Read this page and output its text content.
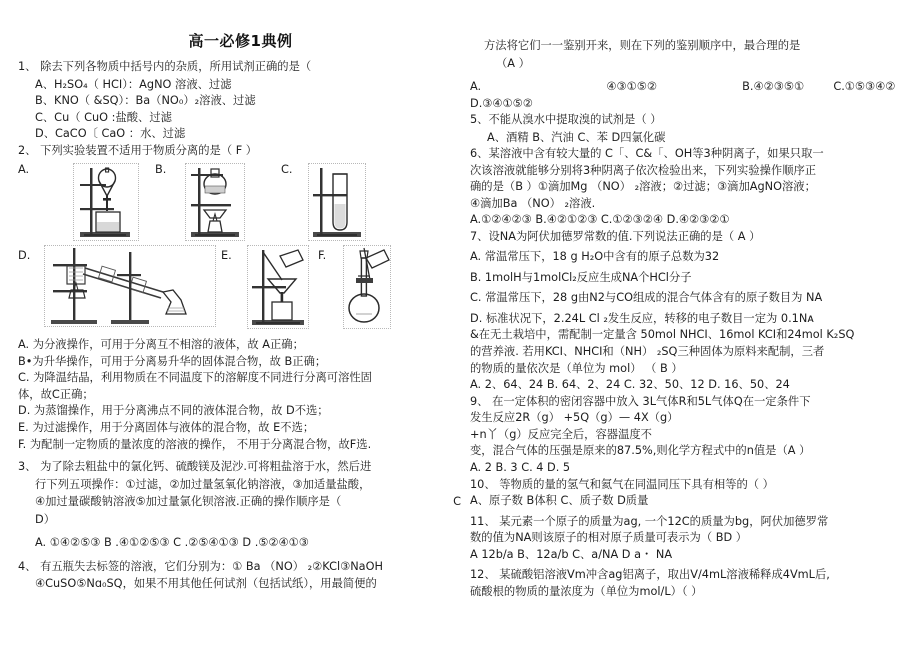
高一必修1典例
1、 除去下列各物质中括号内的杂质，所用试剂正确的是（
A、H₂SO₄（ HCI）：AgNO 溶液、过滤
B、KNO（ &SQ）：Ba（NO₀）₂溶液、过滤
C、Cu（ CuO :盐酸、过滤
D、CaCO〔 CaO ：水、过滤
2、 下列实验装置不适用于物质分离的是（ F ）
A.	B.	C.
D.	E.	F.
A. 为分液操作，可用于分离互不相溶的液体，故 A正确；
B•为升华操作，可用于分离易升华的固体混合物，故 B正确；
C. 为降温结晶，利用物质在不同温度下的溶解度不同进行分离可溶性固
体，故C正确；
D. 为蒸馏操作，用于分离沸点不同的液体混合物，故 D不选；
E. 为过滤操作，用于分离固体与液体的混合物，故 E不选；
F. 为配制一定物质的量浓度的溶液的操作， 不用于分离混合物，故F选.
3、 为了除去粗盐中的氯化钙、硫酸镁及泥沙.可将粗盐溶于水，然后进
行下列五项操作：①过滤，②加过量氢氧化钠溶液，③加适量盐酸，
④加过量碳酸钠溶液⑤加过量氯化钡溶液.正确的操作顺序是（	C
D）
A. ①④②⑤③ B .④①②⑤③ C .②⑤④①③ D .⑤②④①③
4、 有五瓶失去标签的溶液，它们分别为：① Ba （NO） ₂②KCl③NaOH
④CuSO⑤Nɑ₀SQ，如果不用其他任何试剂（包括试纸），用最简便的
方法将它们一一鉴别开来，则在下列的鉴别顺序中，最合理的是
（A ）
A.	④③①⑤②	B.④②③⑤①	C.①⑤③④②
D.③④①⑤②
5、不能从溴水中提取溴的试剂是（ ）
A、酒精 B、汽油 C、苯 D四氯化碳
6、某溶液中含有较大量的 C「、C&「、OH等3种阴离子，如果只取一
次该溶液就能够分别将3种阴离子依次检验出来，下列实验操作顺序正
确的是（B ）①滴加Mg （NO） ₂溶液；②过滤；③滴加AgNO溶液；
④滴加Ba （NO） ₂溶液.
A.①②④②③ B.④②①②③ C.①②③②④ D.④②③②①
7、设NA为阿伏加德罗常数的值.下列说法正确的是（ A ）
A. 常温常压下，18 g H₂O中含有的原子总数为32
B. 1molH与1molCl₂反应生成NA个HCl分子
C. 常温常压下，28 g由N2与CO组成的混合气体含有的原子数目为 NA
D. 标准状况下，2.24L Cl ₂发生反应，转移的电子数目一定为 0.1Nᴀ
&在无土栽培中，需配制一定量含 50mol NHCI、16mol KCI和24mol K₂SQ
的营养液. 若用KCI、NHCI和（NH） ₂SQ三种固体为原料来配制，三者
的物质的量依次是（单位为 mol） （ B ）
A. 2、64、24 B. 64、2、24 C. 32、50、12 D. 16、50、24
9、 在一定体积的密闭容器中放入 3L气体R和5L气体Q在一定条件下
发生反应2R（g） +5Q（g）— 4X（g）
+n丫（g）反应完全后，容器温度不
变，混合气体的压强是原来的87.5%,则化学方程式中的n值是（A ）
A. 2 B. 3 C. 4 D. 5
10、 等物质的量的氢气和氦气在同温同压下具有相等的（ ）
A、原子数 B体积 C、质子数 D质量
11、 某元素一个原子的质量为ag, 一个12C的质量为bg，阿伏加德罗常
数的值为NA则该原子的相对原子质量可表示为（ BD ）
A 12b/a B、12a/b C、a/NA D a・ NA
12、 某硫酸铝溶液Vm冲含ag铝离子，取出V/4mL溶液稀释成4VmL后,
硫酸根的物质的量浓度为（单位为mol/L）（ ）
